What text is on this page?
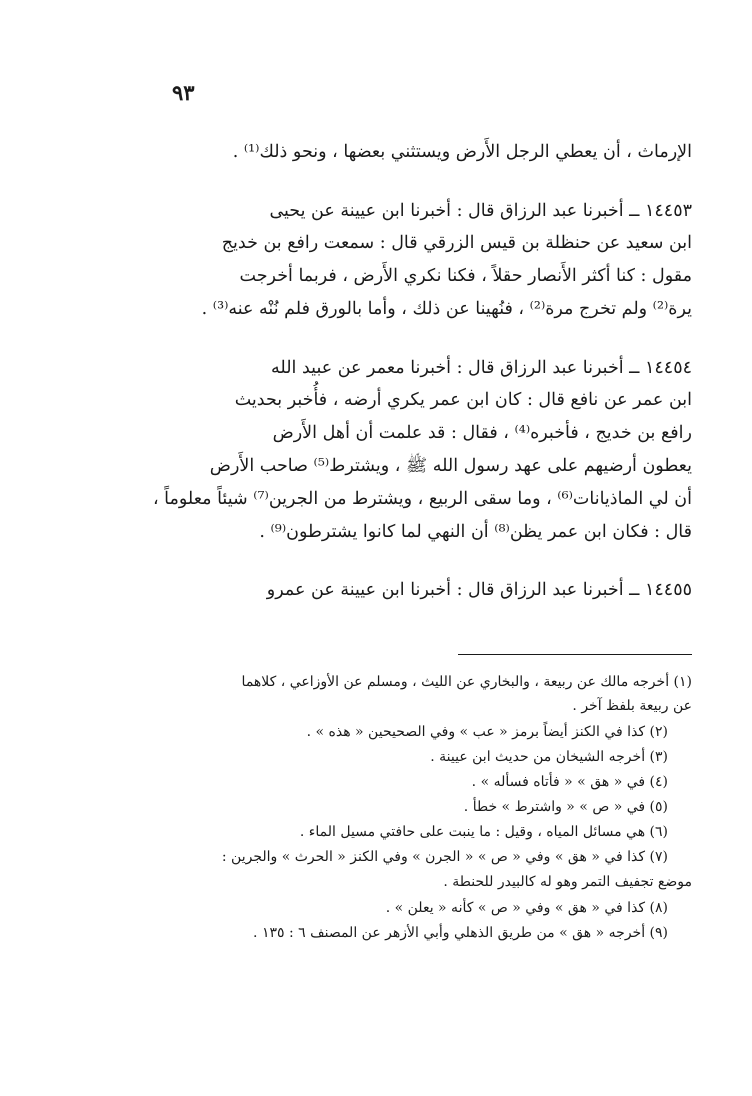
٩٣
الإرماث ، أن يعطي الرجل الأَرض ويستثني بعضها ، ونحو ذلك⁽¹⁾ .
١٤٤٥٣ ــ أخبرنا عبد الرزاق قال : أخبرنا ابن عيينة عن يحيى
ابن سعيد عن حنظلة بن قيس الزرقي قال : سمعت رافع بن خديج
مقول : كنا أكثر الأَنصار حقلاً ، فكنا نكري الأَرض ، فربما أخرجت
يرة⁽²⁾ ولم تخرج مرة⁽²⁾ ، فنُهينا عن ذلك ، وأما بالورق فلم نُنْه عنه⁽³⁾ .
١٤٤٥٤ ــ أخبرنا عبد الرزاق قال : أخبرنا معمر عن عبيد الله
ابن عمر عن نافع قال : كان ابن عمر يكري أرضه ، فأُخبر بحديث
رافع بن خديج ، فأخبره⁽⁴⁾ ، فقال : قد علمت أن أهل الأَرض
يعطون أرضيهم على عهد رسول الله ﷺ ، ويشترط⁽⁵⁾ صاحب الأَرض
أن لي الماذيانات⁽⁶⁾ ، وما سقى الربيع ، ويشترط من الجرين⁽⁷⁾ شيئاً معلوماً ،
قال : فكان ابن عمر يظن⁽⁸⁾ أن النهي لما كانوا يشترطون⁽⁹⁾ .
١٤٤٥٥ ــ أخبرنا عبد الرزاق قال : أخبرنا ابن عيينة عن عمرو
(١) أخرجه مالك عن ربيعة ، والبخاري عن الليث ، ومسلم عن الأوزاعي ، كلاهما
عن ربيعة بلفظ آخر .
(٢) كذا في الكنز أيضاً برمز « عب » وفي الصحيحين « هذه » .
(٣) أخرجه الشيخان من حديث ابن عيينة .
(٤) في « هق » « فأتاه فسأله » .
(٥) في « ص » « واشترط » خطأ .
(٦) هي مسائل المياه ، وقيل : ما ينبت على حافتي مسيل الماء .
(٧) كذا في « هق » وفي « ص » « الجرن » وفي الكنز « الحرث » والجرين :
موضع تجفيف التمر وهو له كالبيدر للحنطة .
(٨) كذا في « هق » وفي « ص » كأنه « يعلن » .
(٩) أخرجه « هق » من طريق الذهلي وأبي الأزهر عن المصنف ٦ : ١٣٥ .
